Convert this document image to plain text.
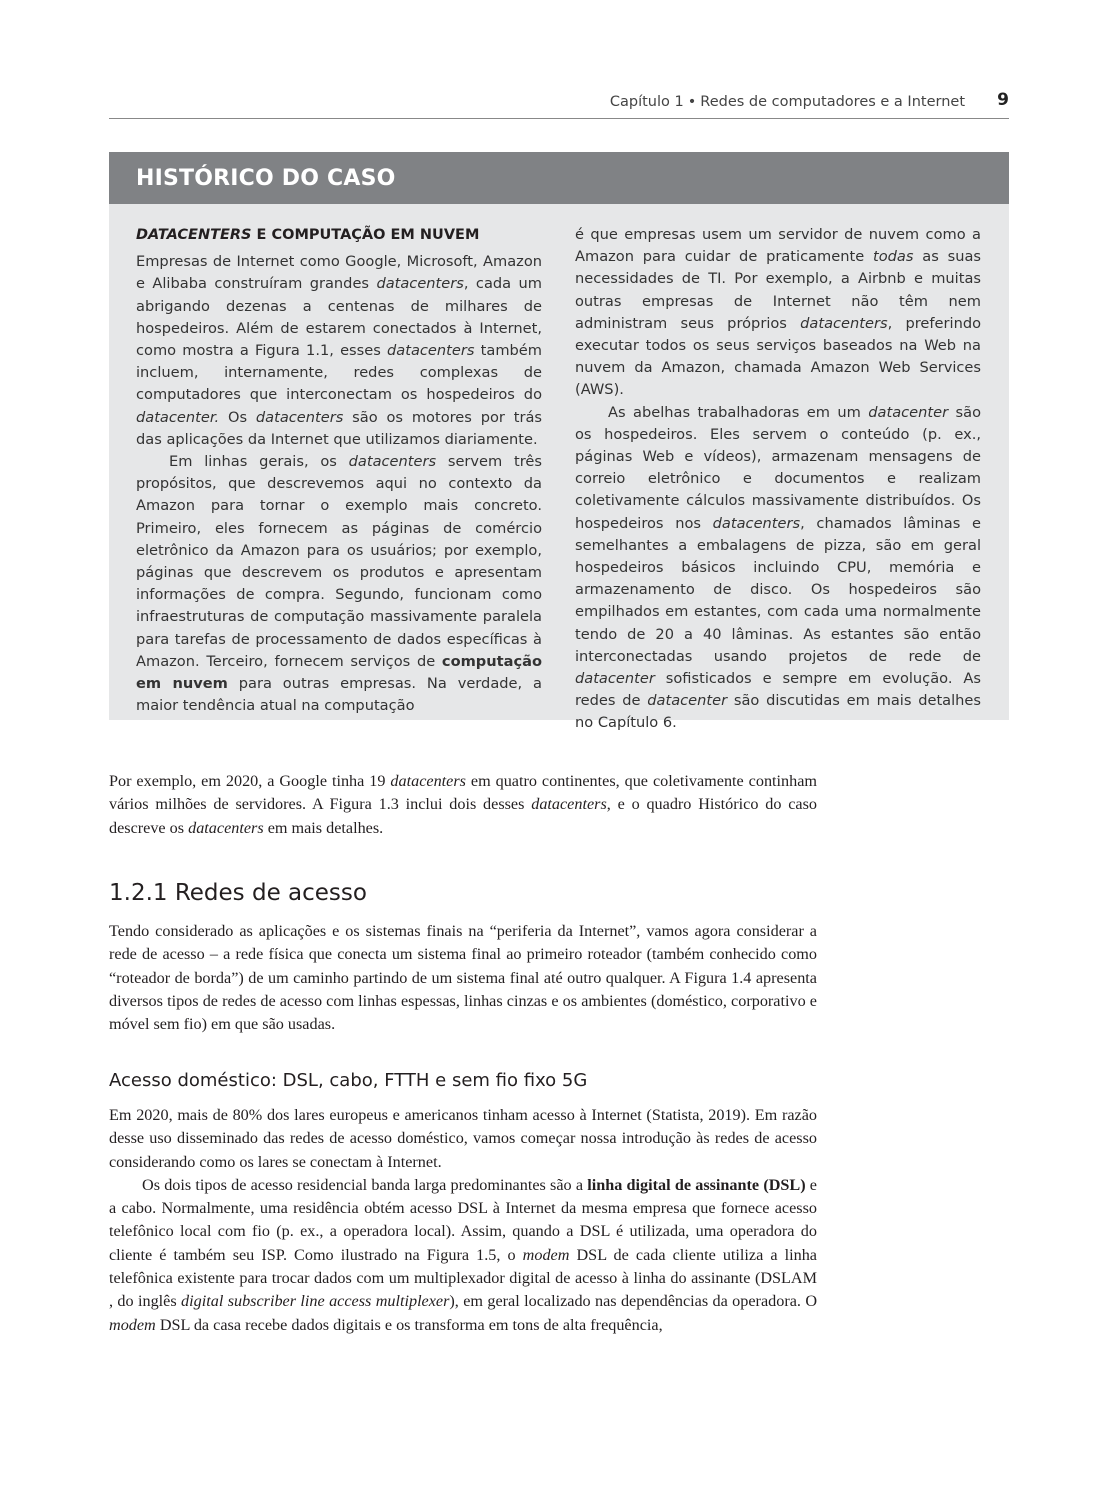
Capítulo 1 • Redes de computadores e a Internet 9
HISTÓRICO DO CASO

DATACENTERS E COMPUTAÇÃO EM NUVEM

Empresas de Internet como Google, Microsoft, Amazon e Alibaba construíram grandes datacenters, cada um abrigando dezenas a centenas de milhares de hospedeiros. Além de estarem conectados à Internet, como mostra a Figura 1.1, esses datacenters também incluem, internamente, redes complexas de computadores que interconectam os hospedeiros do datacenter. Os datacenters são os motores por trás das aplicações da Internet que utilizamos diariamente.

Em linhas gerais, os datacenters servem três propósitos, que descrevemos aqui no contexto da Amazon para tornar o exemplo mais concreto. Primeiro, eles fornecem as páginas de comércio eletrônico da Amazon para os usuários; por exemplo, páginas que descrevem os produtos e apresentam informações de compra. Segundo, funcionam como infraestruturas de computação massivamente paralela para tarefas de processamento de dados específicas à Amazon. Terceiro, fornecem serviços de computação em nuvem para outras empresas. Na verdade, a maior tendência atual na computação

é que empresas usem um servidor de nuvem como a Amazon para cuidar de praticamente todas as suas necessidades de TI. Por exemplo, a Airbnb e muitas outras empresas de Internet não têm nem administram seus próprios datacenters, preferindo executar todos os seus serviços baseados na Web na nuvem da Amazon, chamada Amazon Web Services (AWS).

As abelhas trabalhadoras em um datacenter são os hospedeiros. Eles servem o conteúdo (p. ex., páginas Web e vídeos), armazenam mensagens de correio eletrônico e documentos e realizam coletivamente cálculos massivamente distribuídos. Os hospedeiros nos datacenters, chamados lâminas e semelhantes a embalagens de pizza, são em geral hospedeiros básicos incluindo CPU, memória e armazenamento de disco. Os hospedeiros são empilhados em estantes, com cada uma normalmente tendo de 20 a 40 lâminas. As estantes são então interconectadas usando projetos de rede de datacenter sofisticados e sempre em evolução. As redes de datacenter são discutidas em mais detalhes no Capítulo 6.

Por exemplo, em 2020, a Google tinha 19 datacenters em quatro continentes, que coletivamente continham vários milhões de servidores. A Figura 1.3 inclui dois desses datacenters, e o quadro Histórico do caso descreve os datacenters em mais detalhes.

1.2.1 Redes de acesso

Tendo considerado as aplicações e os sistemas finais na “periferia da Internet”, vamos agora considerar a rede de acesso – a rede física que conecta um sistema final ao primeiro roteador (também conhecido como “roteador de borda”) de um caminho partindo de um sistema final até outro qualquer. A Figura 1.4 apresenta diversos tipos de redes de acesso com linhas espessas, linhas cinzas e os ambientes (doméstico, corporativo e móvel sem fio) em que são usadas.

Acesso doméstico: DSL, cabo, FTTH e sem fio fixo 5G

Em 2020, mais de 80% dos lares europeus e americanos tinham acesso à Internet (Statista, 2019). Em razão desse uso disseminado das redes de acesso doméstico, vamos começar nossa introdução às redes de acesso considerando como os lares se conectam à Internet.

Os dois tipos de acesso residencial banda larga predominantes são a linha digital de assinante (DSL) e a cabo. Normalmente, uma residência obtém acesso DSL à Internet da mesma empresa que fornece acesso telefônico local com fio (p. ex., a operadora local). Assim, quando a DSL é utilizada, uma operadora do cliente é também seu ISP. Como ilustrado na Figura 1.5, o modem DSL de cada cliente utiliza a linha telefônica existente para trocar dados com um multiplexador digital de acesso à linha do assinante (DSLAM , do inglês digital subscriber line access multiplexer), em geral localizado nas dependências da operadora. O modem DSL da casa recebe dados digitais e os transforma em tons de alta frequência,
